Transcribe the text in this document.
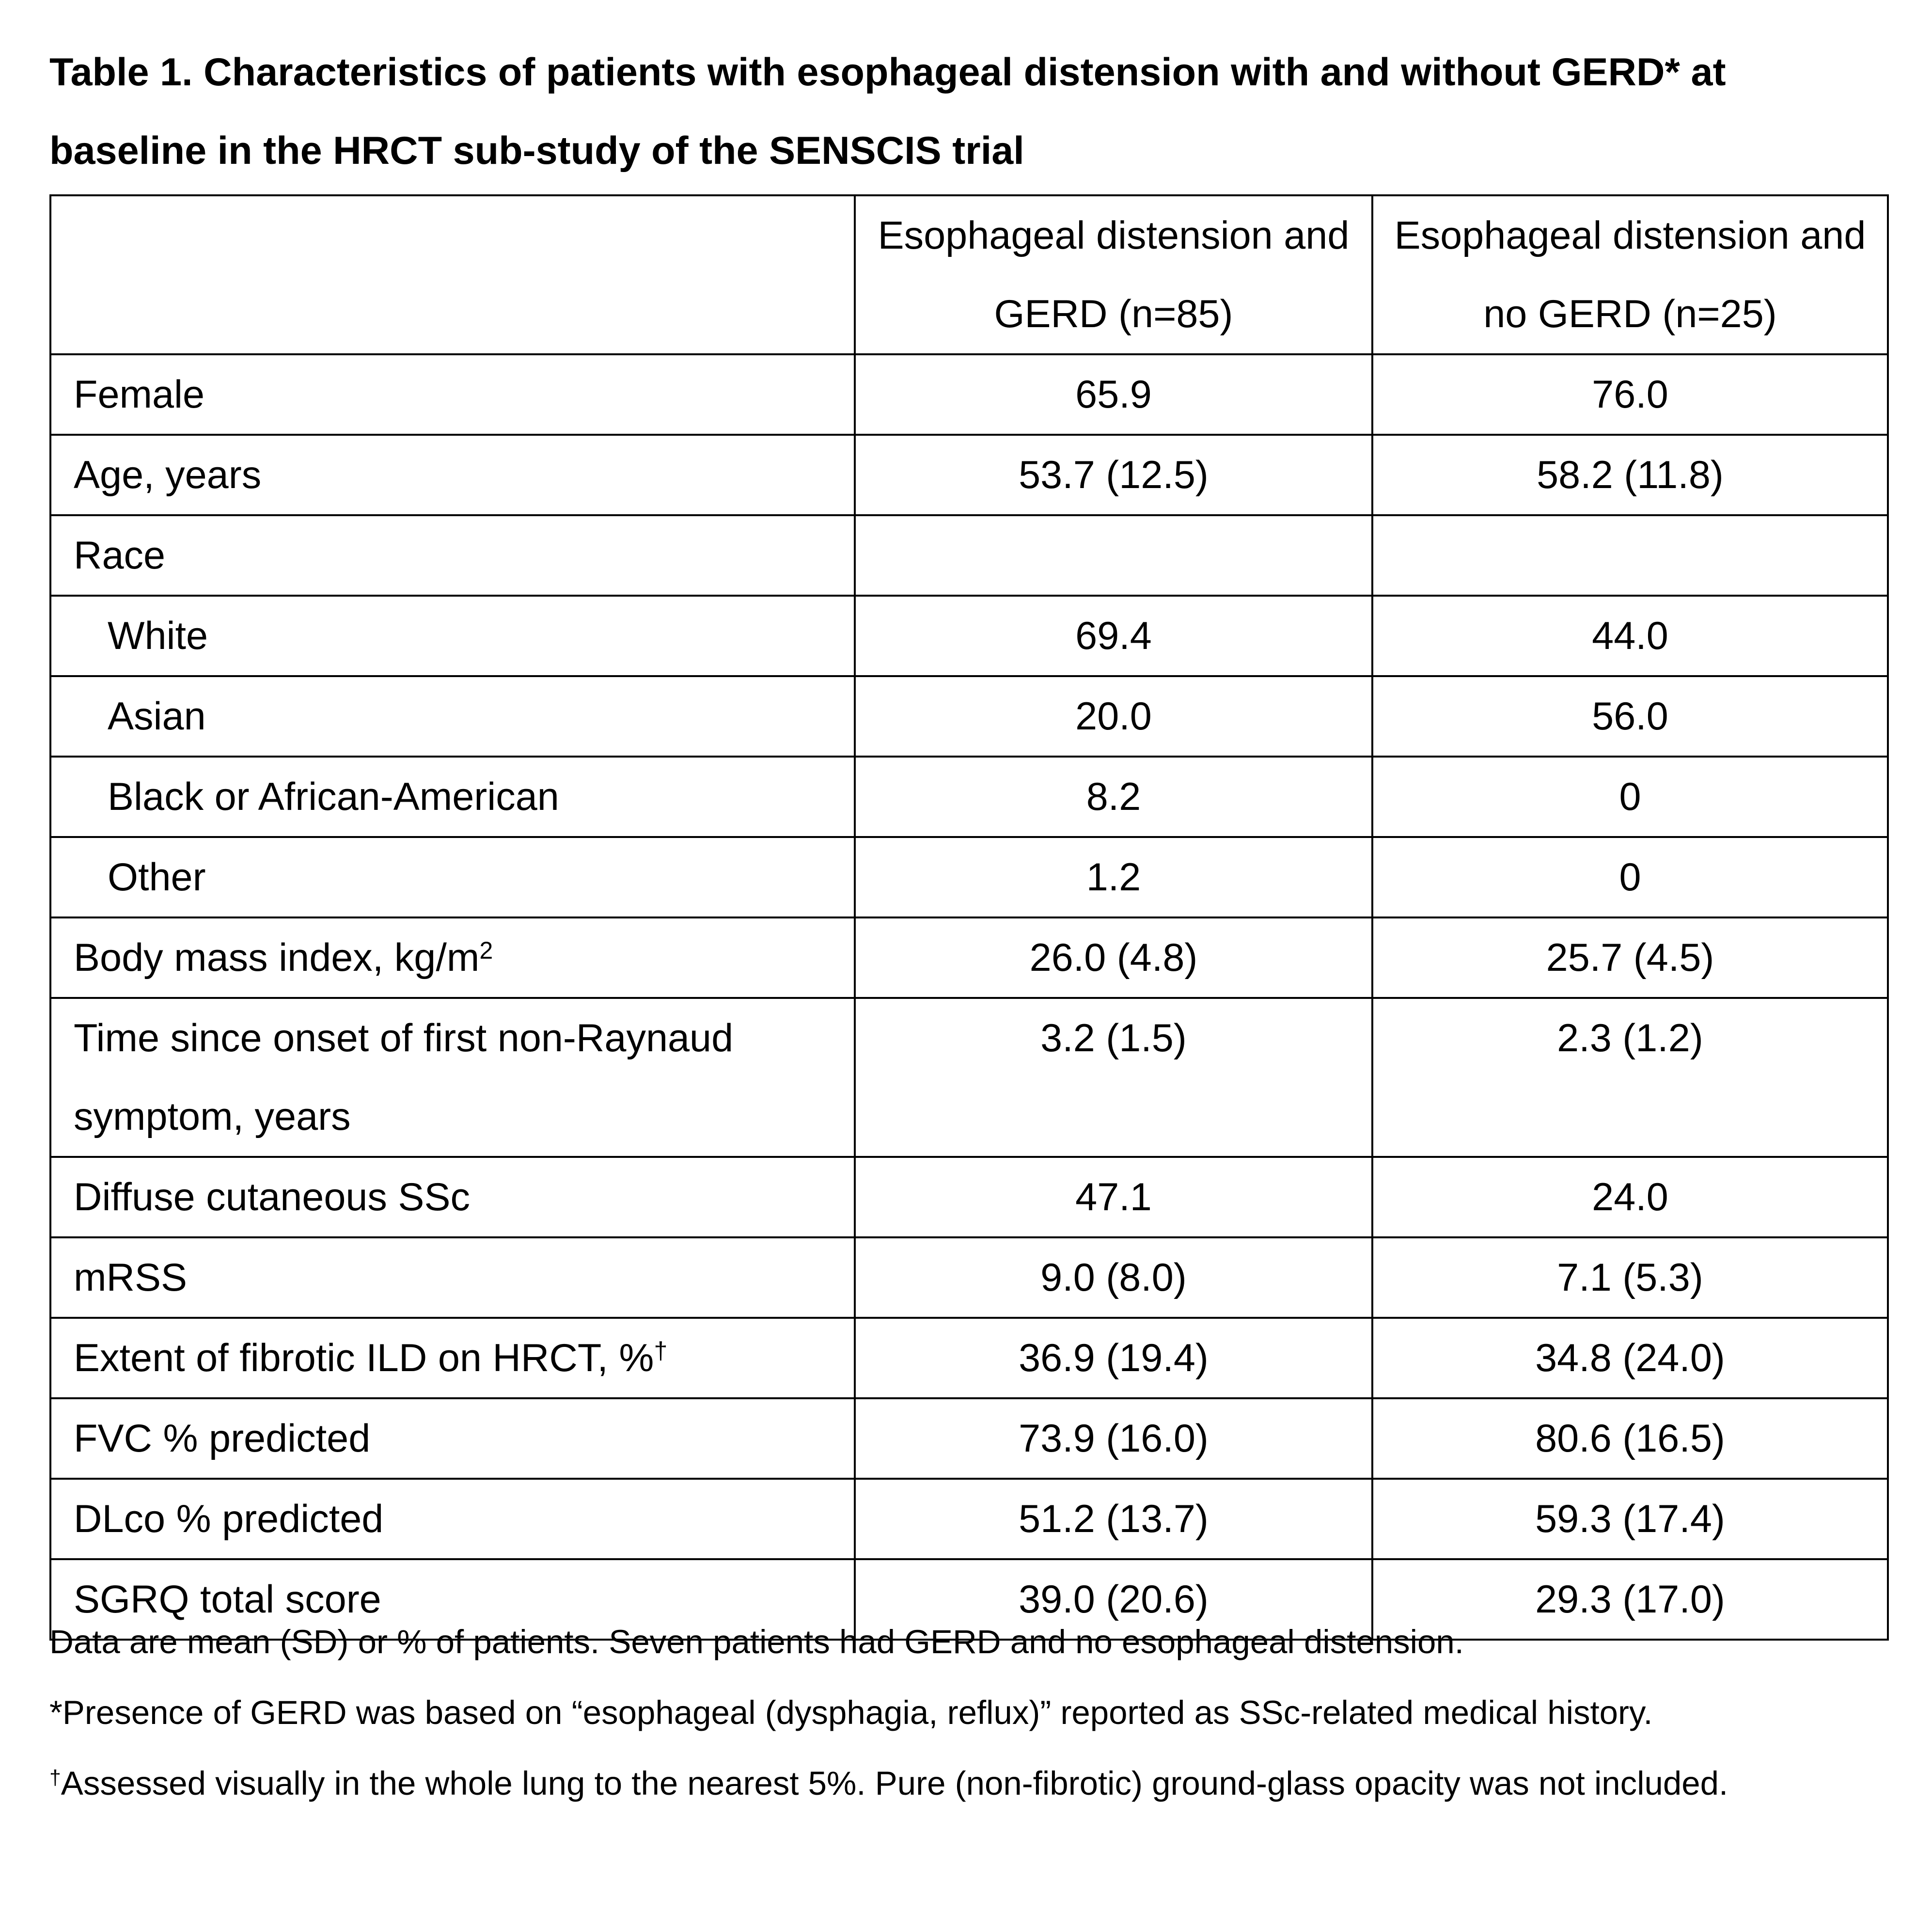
Table 1. Characteristics of patients with esophageal distension with and without GERD* at baseline in the HRCT sub-study of the SENSCIS trial

	Esophageal distension and GERD (n=85)	Esophageal distension and no GERD (n=25)

Female	65.9	76.0
Age, years	53.7 (12.5)	58.2 (11.8)
Race		
White	69.4	44.0
Asian	20.0	56.0
Black or African-American	8.2	0
Other	1.2	0
Body mass index, $kg/m^2$	26.0 (4.8)	25.7 (4.5)
Time since onset of first non-Raynaud symptom, years	3.2 (1.5)	2.3 (1.2)
Diffuse cutaneous SSc	47.1	24.0
mRSS	9.0 (8.0)	7.1 (5.3)
Extent of fibrotic ILD on HRCT, %†	36.9 (19.4)	34.8 (24.0)
FVC % predicted	73.9 (16.0)	80.6 (16.5)
DLco % predicted	51.2 (13.7)	59.3 (17.4)
SGRQ total score	39.0 (20.6)	29.3 (17.0)

Data are mean (SD) or % of patients. Seven patients had GERD and no esophageal distension.

*Presence of GERD was based on “esophageal (dysphagia, reflux)” reported as SSc-related medical history.

†Assessed visually in the whole lung to the nearest 5%. Pure (non-fibrotic) ground-glass opacity was not included.
